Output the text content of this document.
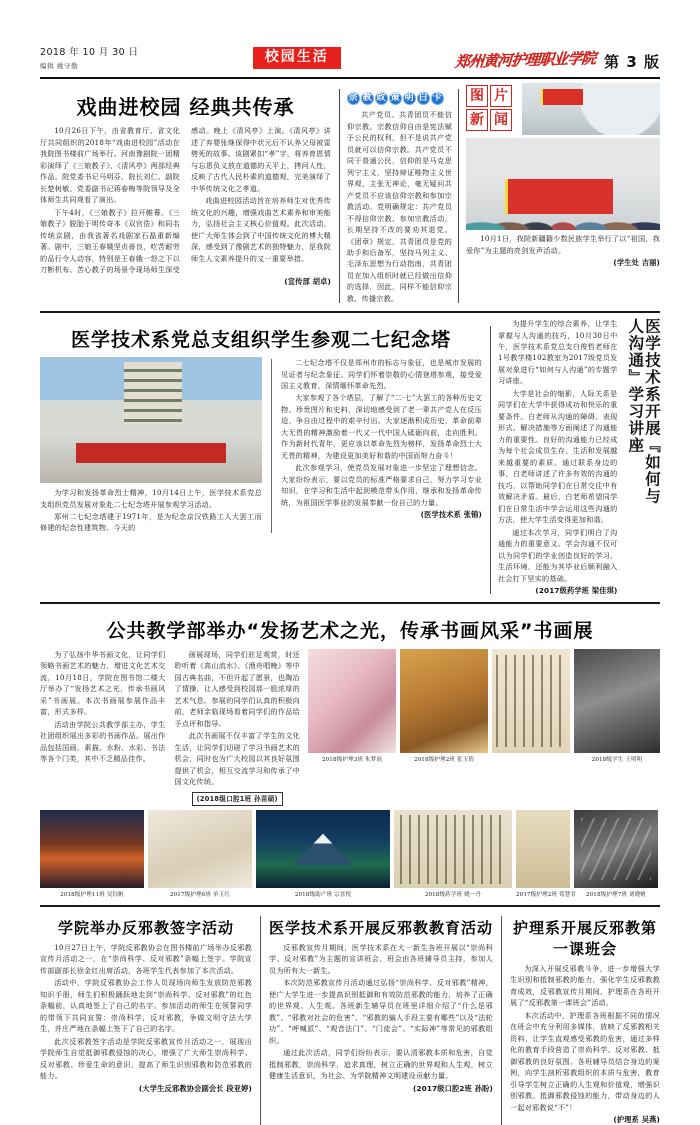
2018 年 10 月 30 日
编辑 姚守勤
校园生活	郑州黄河护理职业学院 第 3 版
戏曲进校园 经典共传承

10月26日下午，由省教育厅、省文化厅共同组织的2018年“戏曲进校园”活动在我院图书楼前广场举行。河南豫剧院一团精彩演绎了《三娘教子》、《清风亭》两部经典作品。院党委书记马明芬、院长刘仁、副院长楚树敏、党委副书记蒋春梅等院领导及全体师生共同观看了演出。

下午4时，《三娘教子》拉开帷幕。《三娘教子》脱胎于明传奇本《双官诰》和同名传统京剧，由我省著名戏剧家石磊重新编著。剧中，三娘王春娥坚贞善良，吃苦耐劳的品行令人动容，特别是王春娥一怒之下以刀断机布、苦心教子的场景令现场师生深受感动。晚上《清风亭》上演。《清风亭》讲述了弃婴张继保得中状元后不认养父母被雷劈死的故事。该剧紧扣“孝”字，将养育恩情与忘恩负义放在道德的天平上，拷问人性，反映了古代人民朴素的道德观，完美演绎了中华传统文化之孝道。

戏曲进校园活动旨在培养师生对优秀传统文化的兴趣，增强戏曲艺术素养和审美能力，弘扬社会主义核心价值观。此次活动，使广大师生体会到了中国传统文化的博大精深，感受到了豫剧艺术的独特魅力，是我院师生人文素养提升的又一重要举措。

(宣传部 胡卓)
宗 教 政 策 明 白 卡

共产党员、共青团员不能信仰宗教。宗教信仰自由是宪法赋予公民的权利，但不是说共产党员就可以信仰宗教。共产党员不同于普通公民，信仰的是马克思列宁主义，坚持辩证唯物主义世界观，主张无神论，毫无疑问共产党员不应该信仰宗教和参加宗教活动。党明确规定：共产党员不得信仰宗教、参加宗教活动，长期坚持不改的要劝其退党。《团章》规定，共青团员是党的助手和后备军，坚持马列主义、毛泽东思想为行动指南，共青团员在加入组织时就已经做出信仰的选择，因此，同样不能信仰宗教、传播宗教。

图 片
新 闻

10月1日，我院新疆籍少数民族学生举行了以“祖国，我爱你”为主题的亮剑发声活动。

(学生处 吉丽)
医学技术系党总支组织学生参观二七纪念塔

为学习和发扬革命烈士精神，10月14日上午，医学技术系党总支组织党员发展对象赴二七纪念塔开展参观学习活动。

郑州二七纪念塔建于1971年，是为纪念京汉铁路工人大罢工而修建的纪念性建筑物。今天的

二七纪念塔不仅是郑州市的标志与象征，也是城市发展的见证者与纪念象征。同学们怀着崇敬的心情登塔参观，接受爱国主义教育，深情缅怀革命先烈。

大家参观了各个塔层，了解了“二·七”大罢工的各种历史文物、珍贵图片和史料，深切地感受到了老一辈共产党人在反压迫、争自由过程中的艰辛付出。大家逐渐积成历史，革命前辈大无畏的精神激励着一代又一代中国人砥砺向前，走向胜利。作为新时代青年，更应该以革命先烈为榜样，发扬革命烈士大无畏的精神，为建设更加美好和谐的中国而努力奋斗！

此次参观学习，使党员发展对象进一步坚定了理想信念。大家纷纷表示，要以党员的标准严格要求自己，努力学习专业知识，在学习和生活中起到模范带头作用，继承和发扬革命传统，为祖国医学事业的发展奉献一份自己的力量。

(医学技术系 张锦)

为提升学生的综合素养，让学生掌握与人沟通的技巧，10月30日中午，医学技术系党总支白俊哲老师在1号教学楼102教室为2017级党员发展对象进行“如何与人沟通”的专题学习讲座。

大学是社会的缩影，人际关系是同学们在大学中获得成功和快乐的重要条件。白老师从沟通的障碍、表现形式、解决措施等方面阐述了沟通能力的重要性。良好的沟通能力已经成为每个社会成员生存、生活和发展越来越重要的素质。通过联系身边的事，白老师讲述了许多有效的沟通的技巧，以帮助同学们在日常交往中有效解决矛盾。最后，白老师希望同学们在日常生活中学会运用这些沟通的方法，使大学生活变得更加和谐。

通过本次学习，同学们明白了沟通能力的重要意义。学会沟通不仅可以为同学们的学业创造良好的学习、生活环境，还能为其毕业后顺利融入社会打下坚实的基础。

(2017级药学班 梁佳琪)
医学技术系开展『如何与人沟通』学习讲座
公共教学部举办“发扬艺术之光，传承书画风采”书画展

为了弘扬中华书画文化，让同学们领略书画艺术的魅力，增进文化艺术交流，10月18日，学院在图书馆二楼大厅举办了“发扬艺术之光，传承书画风采”书画展。本次书画展参展作品丰富，形式多样。

活动由学院公共教学部主办，学生社团组织展出多彩的书画作品。展出作品包括国画、素描、水粉、水彩、书法等各个门类，其中不乏精品佳作。

画展现场，同学们驻足观赏，时还聆听着《高山流水》、《渔舟唱晚》等中国古典名曲，不但升起了愿景，也陶冶了情操，让人感受到校园那一股浓厚的艺术气息。参展的同学们认真的积极向前，老师亲临现场看着同学们的作品给予点评和指导。

此次书画展不仅丰富了学生的文化生活，让同学们切磋了学习书画艺术的机会，同时也为广大校园以其良好氛围提供了机会，相互交流学习和传承了中国文化传统。

(2018级口腔1班 孙苗硕)
2018级护理3班 朱梦瑶	2018级护理2班 张玉倩	2018级学生 王明明
2018级护理11班 吴钰帆	2017级护理6班 单玉红	2018级助产班 宗喜悦	2018级药学班 姚一丹	2017级护理2班 荀慧君	2018级护理7班 刘晓帆
学院举办反邪教签字活动

10月27日上午，学院反邪教协会在图书楼前广场举办反邪教宣传月活动之一，在“崇尚科学、反对邪教”条幅上签字。学院宣传部副部长徐金红出席活动，各班学生代表参加了本次活动。

活动中，学院反邪教协会工作人员现场向师生发放防范邪教知识手册，师生们积极踊跃地走到“崇尚科学、反对邪教”的红色条幅前，认真地签上了自己的名字。参加活动的师生在领誓同学的带领下共同宣誓：崇尚科学，反对邪教，争做文明守法大学生，并庄严地在条幅上签下了自己的名字。

此次反邪教签字活动是学院反邪教宣传月活动之一，展现出学院师生自觉抵御邪教侵蚀的决心，增强了广大师生崇尚科学、反对邪教、珍爱生命的意识，提高了师生识别邪教和防范邪教的能力。

(大学生反邪教协会副会长 段亚婷)
医学技术系开展反邪教教育活动

反邪教宣传月期间，医学技术系在大一新生各班开展以“崇尚科学、反对邪教”为主题的宣讲班会，班会由各班辅导员主持，参加人员为所有大一新生。

本次防范邪教宣传月活动通过弘扬“崇尚科学、反对邪教”精神，使广大学生进一步提高识别抵御和有效防范邪教的能力，培养了正确的世界观、人生观。各班新生辅导员在班里详细介绍了“什么是邪教”、“邪教对社会的危害”、“邪教的骗人手段主要有哪些”以及“法轮功”、“呼喊派”、“观音法门”、“门徒会”、“实际神”等常见的邪教组织。

通过此次活动，同学们纷纷表示，要认清邪教本质和危害，自觉抵制邪教，崇尚科学，追求真理，树立正确的世界观和人生观，树立健康生活意识，为社会、为学院精神文明建设贡献力量。

(2017级口腔2班 孙盼)
护理系开展反邪教第一课班会

为深入开展反邪教斗争，进一步增强大学生识别和抵制邪教的能力，强化学生反邪教教育成效，反邪教宣传月期间，护理系在各班开展了“反邪教第一课班会”活动。

本次活动中，护理系各班根据不同的情况在班会中充分利用多媒体，放映了反邪教相关资料，让学生直观感受邪教的危害，通过多样化的教育手段营造了崇尚科学、反对邪教、抵御邪教的良好氛围。各班辅导员结合身边的案例，向学生剖析邪教组织的本质与危害，教育引导学生树立正确的人生观和价值观，增强识别邪教、抵御邪教侵蚀的能力，带动身边的人一起对邪教说“不”！

(护理系 吴燕)
